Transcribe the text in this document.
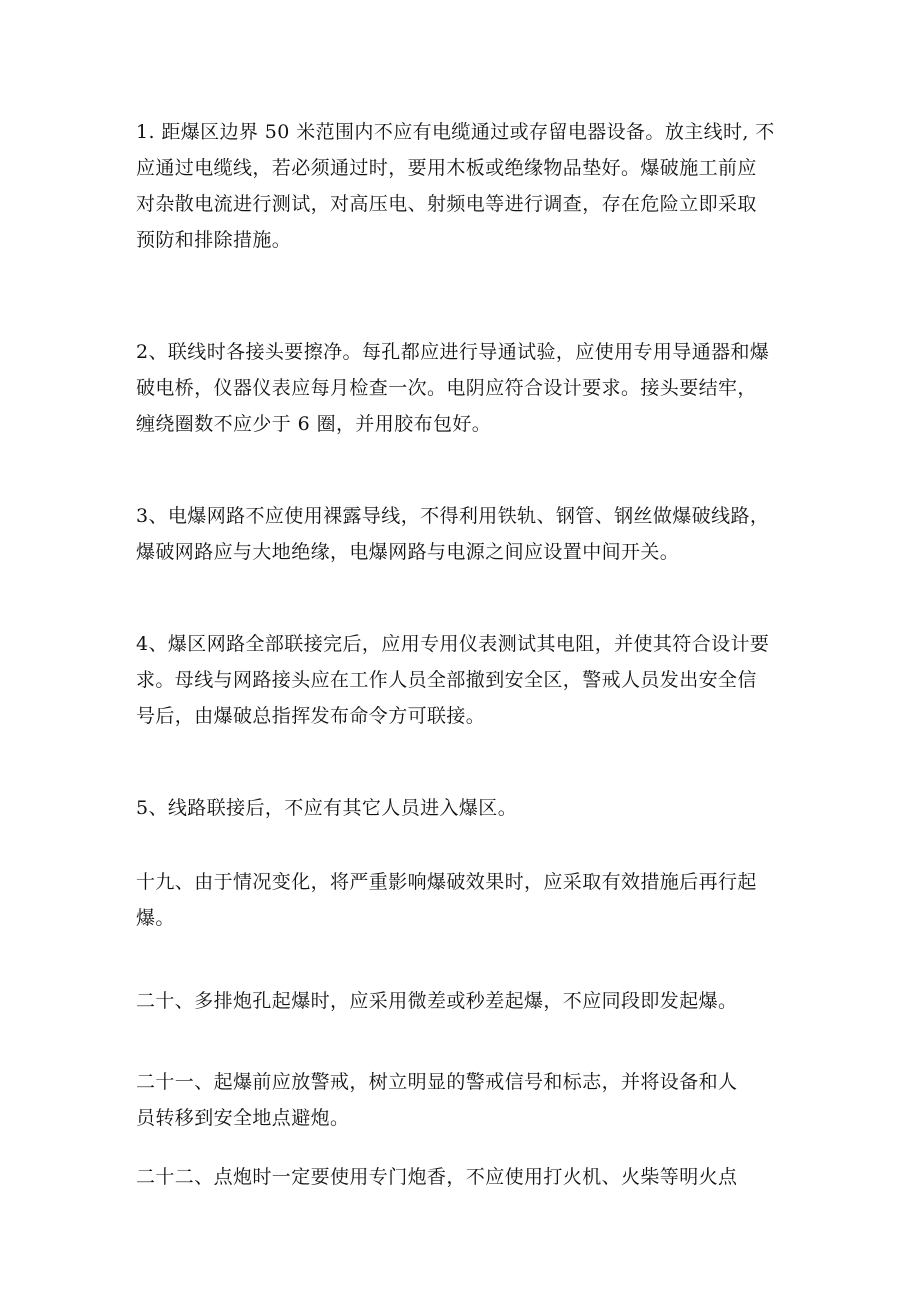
1. 距爆区边界 50 米范围内不应有电缆通过或存留电器设备。放主线时, 不
应通过电缆线，若必须通过时，要用木板或绝缘物品垫好。爆破施工前应
对杂散电流进行测试，对高压电、射频电等进行调查，存在危险立即采取
预防和排除措施。

2、联线时各接头要擦净。每孔都应进行导通试验，应使用专用导通器和爆
破电桥，仪器仪表应每月检查一次。电阴应符合设计要求。接头要结牢，
缠绕圈数不应少于 6 圈，并用胶布包好。

3、电爆网路不应使用裸露导线，不得利用铁轨、钢管、钢丝做爆破线路，
爆破网路应与大地绝缘，电爆网路与电源之间应设置中间开关。

4、爆区网路全部联接完后，应用专用仪表测试其电阻，并使其符合设计要
求。母线与网路接头应在工作人员全部撤到安全区，警戒人员发出安全信
号后，由爆破总指挥发布命令方可联接。

5、线路联接后，不应有其它人员进入爆区。

十九、由于情况变化，将严重影响爆破效果时，应采取有效措施后再行起
爆。

二十、多排炮孔起爆时，应采用微差或秒差起爆，不应同段即发起爆。

二十一、起爆前应放警戒，树立明显的警戒信号和标志，并将设备和人
员转移到安全地点避炮。

二十二、点炮时一定要使用专门炮香，不应使用打火机、火柴等明火点
